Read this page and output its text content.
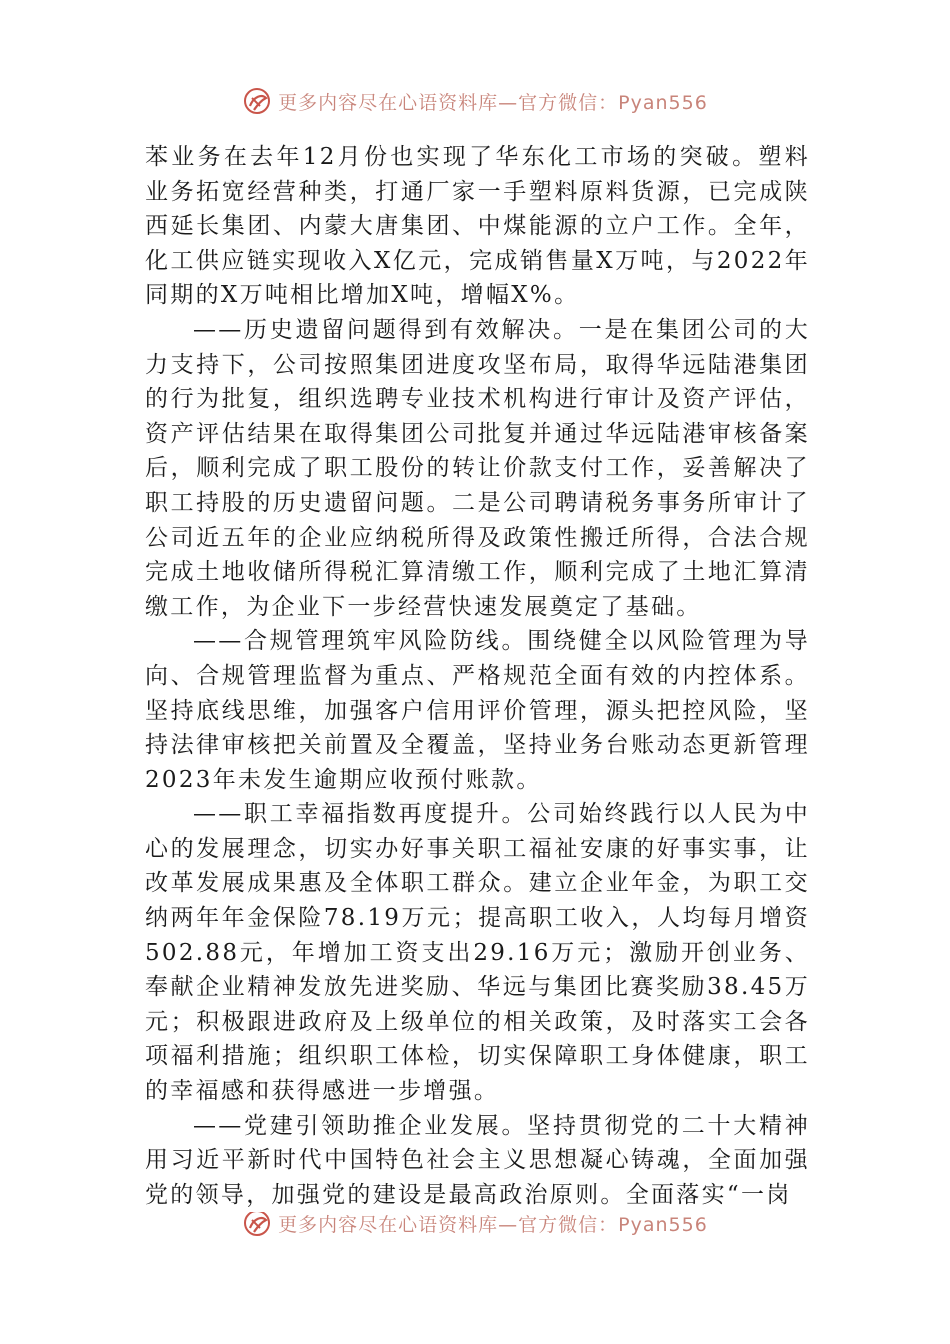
更多内容尽在心语资料库—官方微信：Pyan556

苯业务在去年12月份也实现了华东化工市场的突破。塑料业务拓宽经营种类，打通厂家一手塑料原料货源，已完成陕西延长集团、内蒙大唐集团、中煤能源的立户工作。全年，化工供应链实现收入X亿元，完成销售量X万吨，与2022年同期的X万吨相比增加X吨，增幅X%。

——历史遗留问题得到有效解决。一是在集团公司的大力支持下，公司按照集团进度攻坚布局，取得华远陆港集团的行为批复，组织选聘专业技术机构进行审计及资产评估，资产评估结果在取得集团公司批复并通过华远陆港审核备案后，顺利完成了职工股份的转让价款支付工作，妥善解决了职工持股的历史遗留问题。二是公司聘请税务事务所审计了公司近五年的企业应纳税所得及政策性搬迁所得，合法合规完成土地收储所得税汇算清缴工作，顺利完成了土地汇算清缴工作，为企业下一步经营快速发展奠定了基础。

——合规管理筑牢风险防线。围绕健全以风险管理为导向、合规管理监督为重点、严格规范全面有效的内控体系。坚持底线思维，加强客户信用评价管理，源头把控风险，坚持法律审核把关前置及全覆盖，坚持业务台账动态更新管理2023年未发生逾期应收预付账款。

——职工幸福指数再度提升。公司始终践行以人民为中心的发展理念，切实办好事关职工福祉安康的好事实事，让改革发展成果惠及全体职工群众。建立企业年金，为职工交纳两年年金保险78.19万元；提高职工收入，人均每月增资502.88元，年增加工资支出29.16万元；激励开创业务、奉献企业精神发放先进奖励、华远与集团比赛奖励38.45万元；积极跟进政府及上级单位的相关政策，及时落实工会各项福利措施；组织职工体检，切实保障职工身体健康，职工的幸福感和获得感进一步增强。

——党建引领助推企业发展。坚持贯彻党的二十大精神用习近平新时代中国特色社会主义思想凝心铸魂，全面加强党的领导，加强党的建设是最高政治原则。全面落实“一岗

更多内容尽在心语资料库—官方微信：Pyan556
